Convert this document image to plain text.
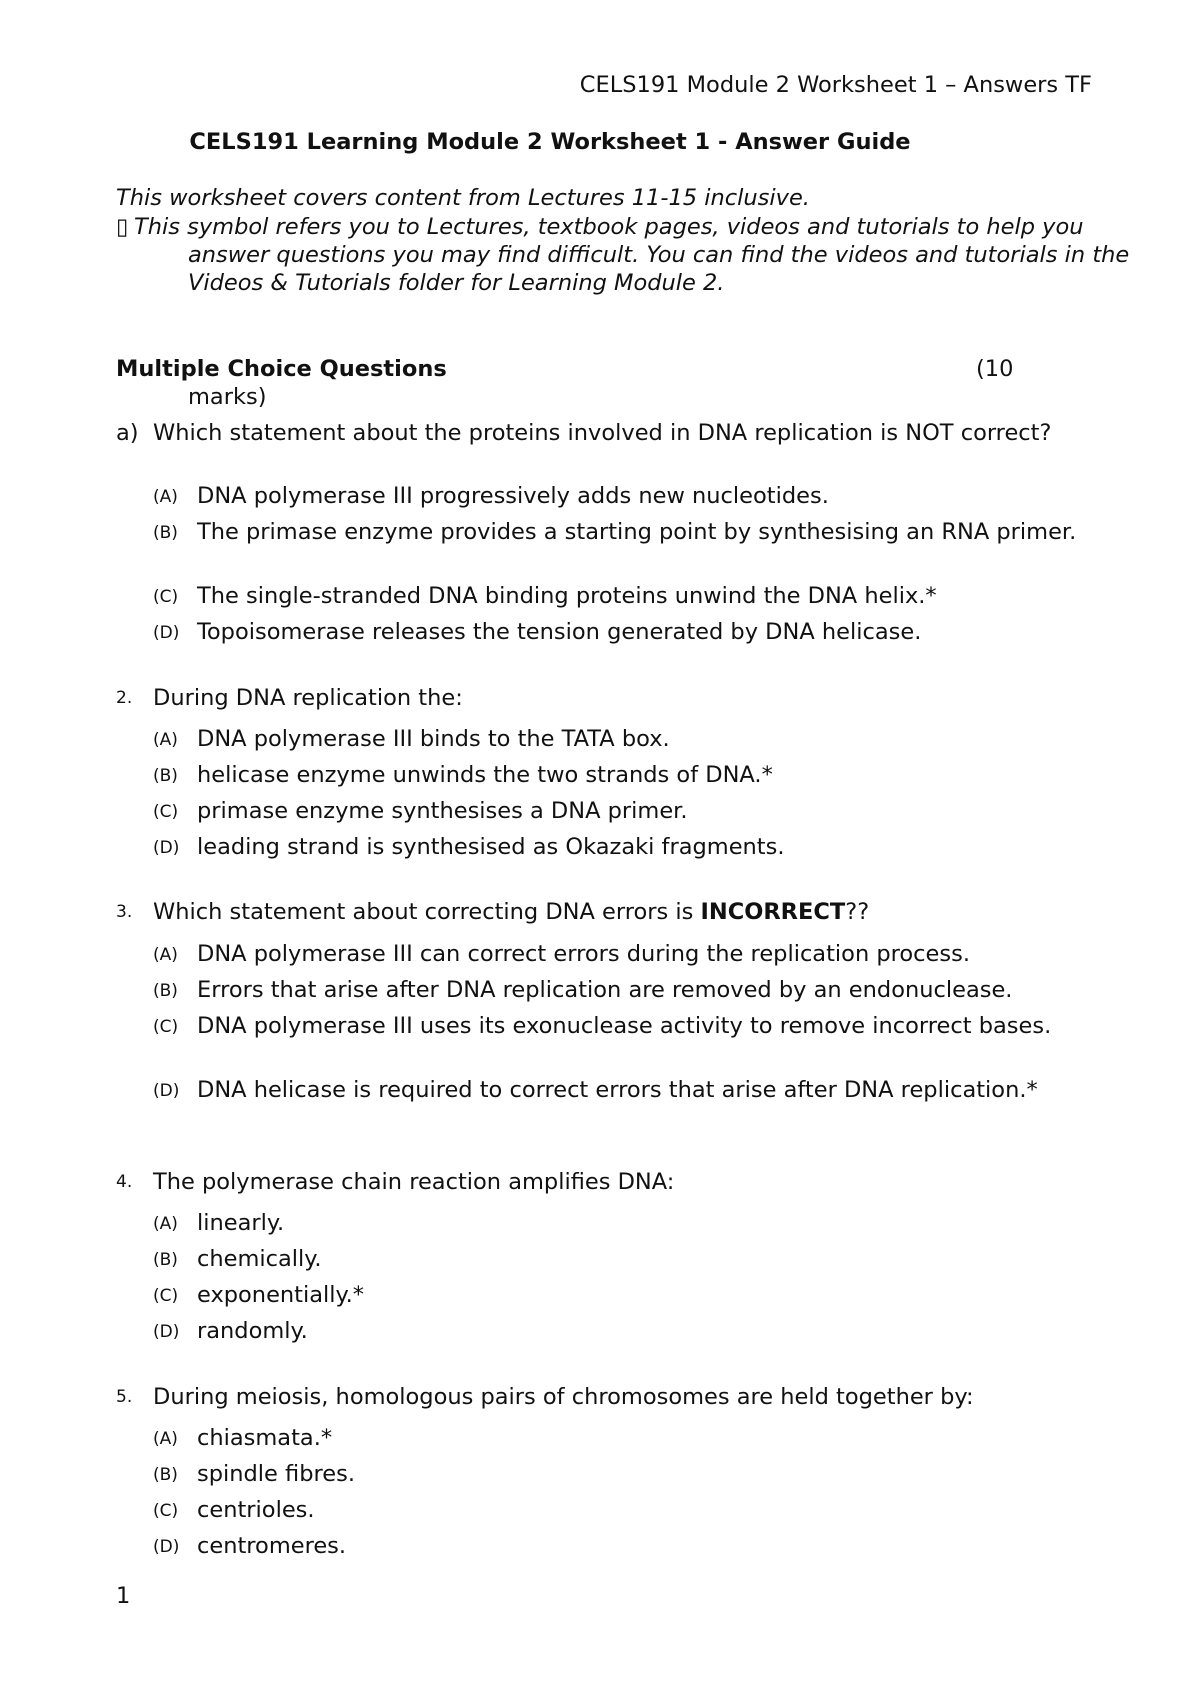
CELS191 Module 2 Worksheet 1 – Answers TF
CELS191 Learning Module 2 Worksheet 1 - Answer Guide
This worksheet covers content from Lectures 11-15 inclusive.
▯ This symbol refers you to Lectures, textbook pages, videos and tutorials to help you answer questions you may find difficult. You can find the videos and tutorials in the Videos & Tutorials folder for Learning Module 2.
Multiple Choice Questions	(10
marks)
a) Which statement about the proteins involved in DNA replication is NOT correct?
(A) DNA polymerase III progressively adds new nucleotides.
(B) The primase enzyme provides a starting point by synthesising an RNA primer.
(C) The single-stranded DNA binding proteins unwind the DNA helix.*
(D) Topoisomerase releases the tension generated by DNA helicase.
2. During DNA replication the:
(A) DNA polymerase III binds to the TATA box.
(B) helicase enzyme unwinds the two strands of DNA.*
(C) primase enzyme synthesises a DNA primer.
(D) leading strand is synthesised as Okazaki fragments.
3. Which statement about correcting DNA errors is INCORRECT??
(A) DNA polymerase III can correct errors during the replication process.
(B) Errors that arise after DNA replication are removed by an endonuclease.
(C) DNA polymerase III uses its exonuclease activity to remove incorrect bases.
(D) DNA helicase is required to correct errors that arise after DNA replication.*
4. The polymerase chain reaction amplifies DNA:
(A) linearly.
(B) chemically.
(C) exponentially.*
(D) randomly.
5. During meiosis, homologous pairs of chromosomes are held together by:
(A) chiasmata.*
(B) spindle fibres.
(C) centrioles.
(D) centromeres.
1
